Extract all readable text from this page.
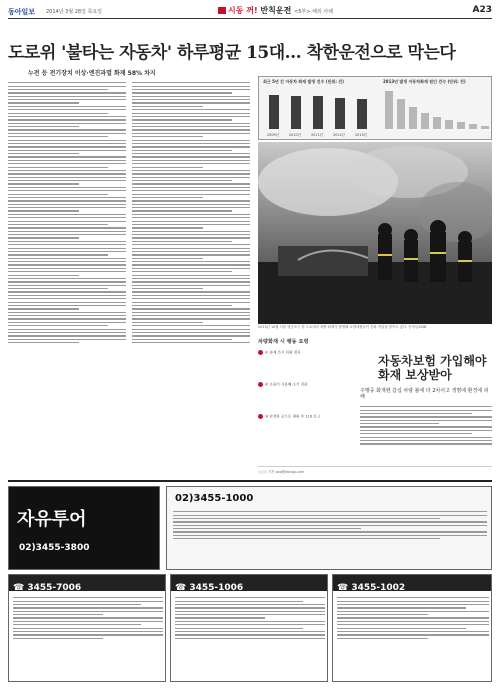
동아일보 2014년 3월 28일 목요일	시동 꺼! 반칙운전 <5부> 해외 사례	A23
도로위 '불타는 자동차' 하루평균 15대… 착한운전으로 막는다
누전 등 전기장치 이상·엔진과열 화재 58% 차지
최근 5년 간 자동차 화재 발생 건수 (단위: 건)	2013년 발생 자동차화재 원인 건수 (단위: 건)
2009년	2010년	2011년	2012년	2013년
2013년 10월 서울 영등포구 한 도로에서 차량 화재가 발생해 소방대원들이 진화 작업을 벌이고 있다. 동아일보DB
차량화재 시 행동 요령
① 화재 즉시 차량 정차
② 소화기 사용해 초기 진화
③ 안전한 곳으로 대피 후 119 신고
자동차보험 가입해야 화재 보상받아
주행중 화재땐 갑십 차량 불에 타 2차사고 생명에 환경에 피해
○○○ 기자 ooo@donga.com
자유투어
02)3455-3800
02)3455-1000
☎ 3455-7006	☎ 3455-1006	☎ 3455-1002
